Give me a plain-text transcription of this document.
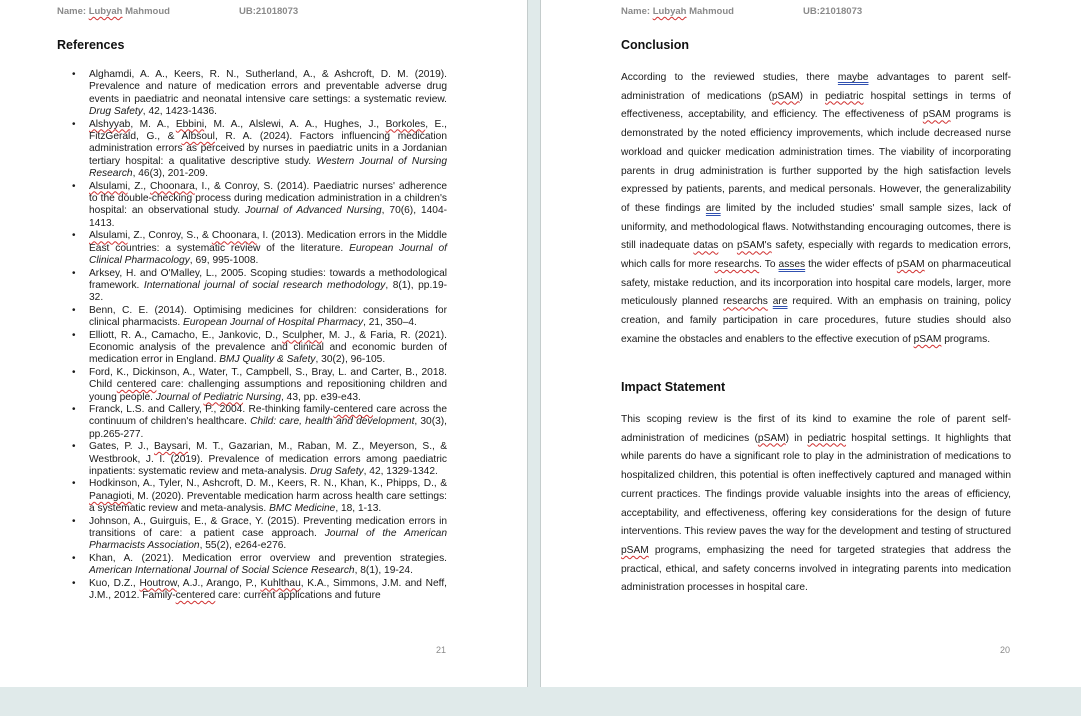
Name: Lubyah Mahmoud	UB:21018073
References
• Alghamdi, A. A., Keers, R. N., Sutherland, A., & Ashcroft, D. M. (2019). Prevalence and nature of medication errors and preventable adverse drug events in paediatric and neonatal intensive care settings: a systematic review. Drug Safety, 42, 1423-1436.
• Alshyyab, M. A., Ebbini, M. A., Alslewi, A. A., Hughes, J., Borkoles, E., FitzGerald, G., & Albsoul, R. A. (2024). Factors influencing medication administration errors as perceived by nurses in paediatric units in a Jordanian tertiary hospital: a qualitative descriptive study. Western Journal of Nursing Research, 46(3), 201-209.
• Alsulami, Z., Choonara, I., & Conroy, S. (2014). Paediatric nurses' adherence to the double-checking process during medication administration in a children's hospital: an observational study. Journal of Advanced Nursing, 70(6), 1404-1413.
• Alsulami, Z., Conroy, S., & Choonara, I. (2013). Medication errors in the Middle East countries: a systematic review of the literature. European Journal of Clinical Pharmacology, 69, 995-1008.
• Arksey, H. and O'Malley, L., 2005. Scoping studies: towards a methodological framework. International journal of social research methodology, 8(1), pp.19-32.
• Benn, C. E. (2014). Optimising medicines for children: considerations for clinical pharmacists. European Journal of Hospital Pharmacy, 21, 350–4.
• Elliott, R. A., Camacho, E., Jankovic, D., Sculpher, M. J., & Faria, R. (2021). Economic analysis of the prevalence and clinical and economic burden of medication error in England. BMJ Quality & Safety, 30(2), 96-105.
• Ford, K., Dickinson, A., Water, T., Campbell, S., Bray, L. and Carter, B., 2018. Child centered care: challenging assumptions and repositioning children and young people. Journal of Pediatric Nursing, 43, pp. e39-e43.
• Franck, L.S. and Callery, P., 2004. Re-thinking family-centered care across the continuum of children's healthcare. Child: care, health and development, 30(3), pp.265-277.
• Gates, P. J., Baysari, M. T., Gazarian, M., Raban, M. Z., Meyerson, S., & Westbrook, J. I. (2019). Prevalence of medication errors among paediatric inpatients: systematic review and meta-analysis. Drug Safety, 42, 1329-1342.
• Hodkinson, A., Tyler, N., Ashcroft, D. M., Keers, R. N., Khan, K., Phipps, D., & Panagioti, M. (2020). Preventable medication harm across health care settings: a systematic review and meta-analysis. BMC Medicine, 18, 1-13.
• Johnson, A., Guirguis, E., & Grace, Y. (2015). Preventing medication errors in transitions of care: a patient case approach. Journal of the American Pharmacists Association, 55(2), e264-e276.
• Khan, A. (2021). Medication error overview and prevention strategies. American International Journal of Social Science Research, 8(1), 19-24.
• Kuo, D.Z., Houtrow, A.J., Arango, P., Kuhlthau, K.A., Simmons, J.M. and Neff, J.M., 2012. Family-centered care: current applications and future
21
Name: Lubyah Mahmoud	UB:21018073
Conclusion

According to the reviewed studies, there maybe advantages to parent self-administration of medications (pSAM) in pediatric hospital settings in terms of effectiveness, acceptability, and efficiency. The effectiveness of pSAM programs is demonstrated by the noted efficiency improvements, which include decreased nurse workload and quicker medication administration times. The viability of incorporating parents in drug administration is further supported by the high satisfaction levels expressed by patients, parents, and medical personals. However, the generalizability of these findings are limited by the included studies' small sample sizes, lack of uniformity, and methodological flaws. Notwithstanding encouraging outcomes, there is still inadequate datas on pSAM's safety, especially with regards to medication errors, which calls for more researchs. To asses the wider effects of pSAM on pharmaceutical safety, mistake reduction, and its incorporation into hospital care models, larger, more meticulously planned researchs are required. With an emphasis on training, policy creation, and family participation in care procedures, future studies should also examine the obstacles and enablers to the effective execution of pSAM programs.

Impact Statement

This scoping review is the first of its kind to examine the role of parent self-administration of medicines (pSAM) in pediatric hospital settings. It highlights that while parents do have a significant role to play in the administration of medications to hospitalized children, this potential is often ineffectively captured and managed within current practices. The findings provide valuable insights into the areas of efficiency, acceptability, and effectiveness, offering key considerations for the design of future interventions. This review paves the way for the development and testing of structured pSAM programs, emphasizing the need for targeted strategies that address the practical, ethical, and safety concerns involved in integrating parents into medication administration processes in hospital care.

20
